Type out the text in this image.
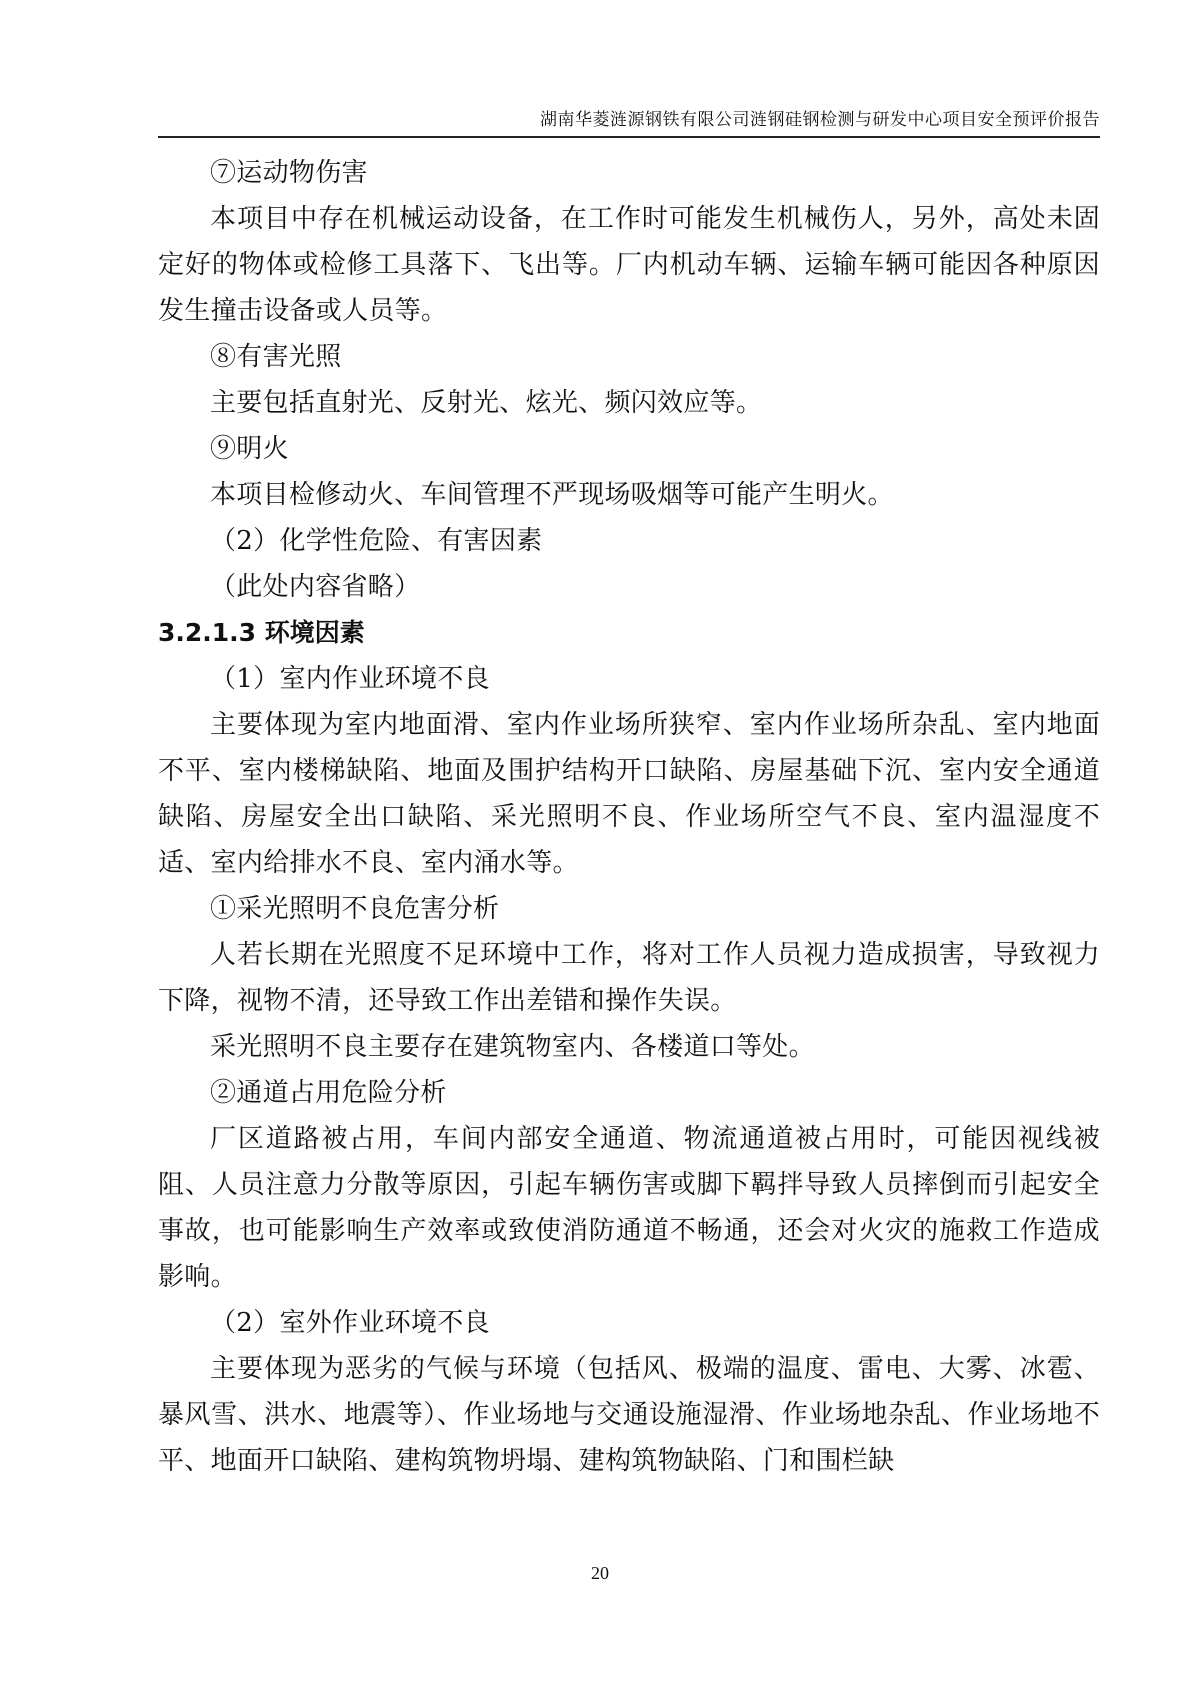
湖南华菱涟源钢铁有限公司涟钢硅钢检测与研发中心项目安全预评价报告

⑦运动物伤害

本项目中存在机械运动设备，在工作时可能发生机械伤人，另外，高处未固定好的物体或检修工具落下、飞出等。厂内机动车辆、运输车辆可能因各种原因发生撞击设备或人员等。

⑧有害光照

主要包括直射光、反射光、炫光、频闪效应等。

⑨明火

本项目检修动火、车间管理不严现场吸烟等可能产生明火。

（2）化学性危险、有害因素

（此处内容省略）

3.2.1.3 环境因素

（1）室内作业环境不良

主要体现为室内地面滑、室内作业场所狭窄、室内作业场所杂乱、室内地面不平、室内楼梯缺陷、地面及围护结构开口缺陷、房屋基础下沉、室内安全通道缺陷、房屋安全出口缺陷、采光照明不良、作业场所空气不良、室内温湿度不适、室内给排水不良、室内涌水等。

①采光照明不良危害分析

人若长期在光照度不足环境中工作，将对工作人员视力造成损害，导致视力下降，视物不清，还导致工作出差错和操作失误。

采光照明不良主要存在建筑物室内、各楼道口等处。

②通道占用危险分析

厂区道路被占用，车间内部安全通道、物流通道被占用时，可能因视线被阻、人员注意力分散等原因，引起车辆伤害或脚下羁拌导致人员摔倒而引起安全事故，也可能影响生产效率或致使消防通道不畅通，还会对火灾的施救工作造成影响。

（2）室外作业环境不良

主要体现为恶劣的气候与环境（包括风、极端的温度、雷电、大雾、冰雹、暴风雪、洪水、地震等）、作业场地与交通设施湿滑、作业场地杂乱、作业场地不平、地面开口缺陷、建构筑物坍塌、建构筑物缺陷、门和围栏缺

20
